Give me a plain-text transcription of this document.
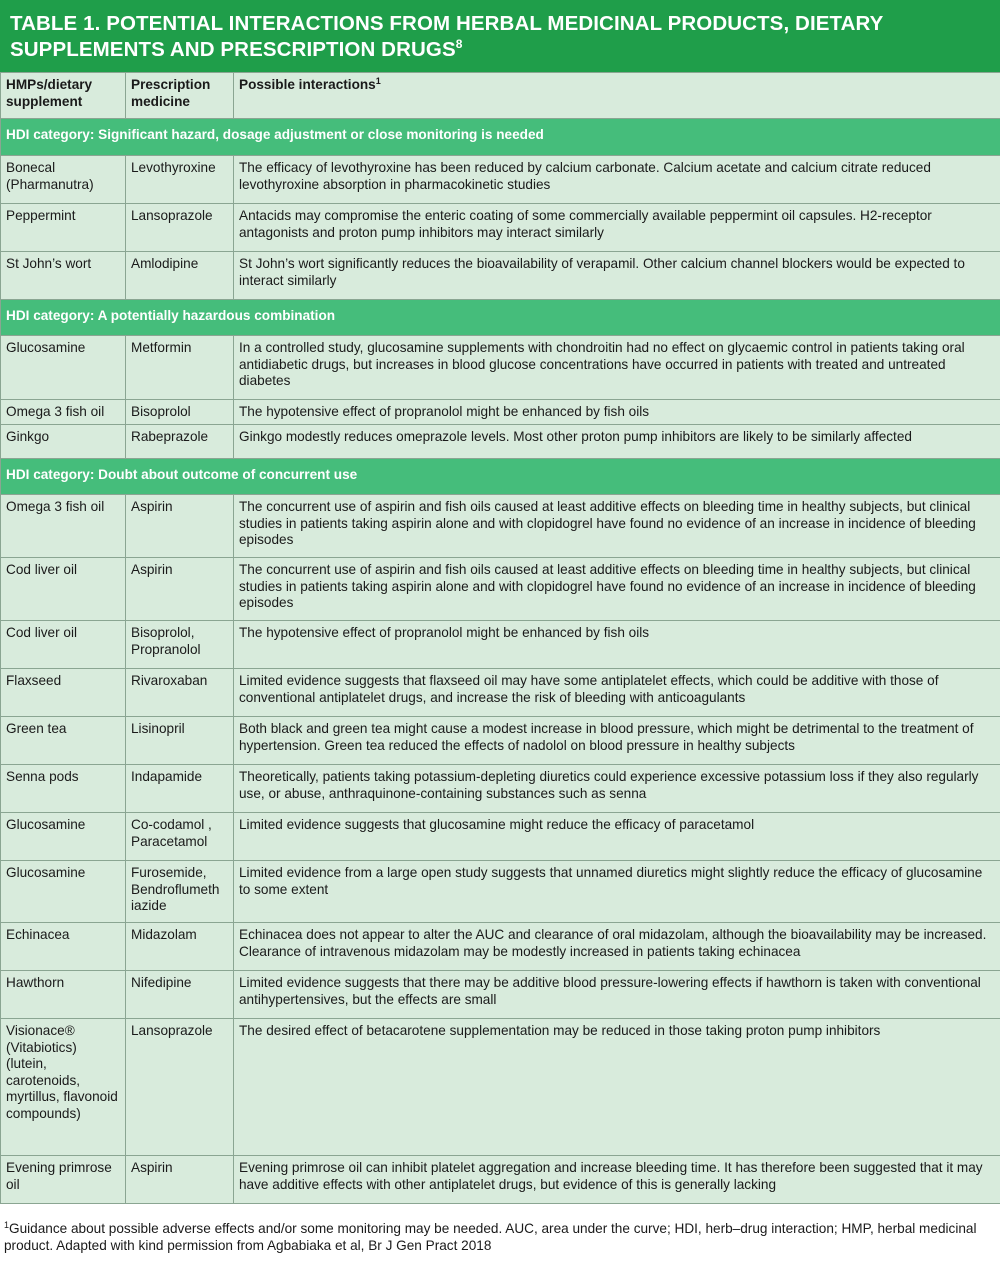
TABLE 1. POTENTIAL INTERACTIONS FROM HERBAL MEDICINAL PRODUCTS, DIETARY SUPPLEMENTS AND PRESCRIPTION DRUGS$^8$
HMPs/dietary supplement	Prescription medicine	Possible interactions$^1$
HDI category: Significant hazard, dosage adjustment or close monitoring is needed		
Bonecal (Pharmanutra)	Levothyroxine	The efficacy of levothyroxine has been reduced by calcium carbonate. Calcium acetate and calcium citrate reduced levothyroxine absorption in pharmacokinetic studies
Peppermint	Lansoprazole	Antacids may compromise the enteric coating of some commercially available peppermint oil capsules. H2-receptor antagonists and proton pump inhibitors may interact similarly
St John’s wort	Amlodipine	St John’s wort significantly reduces the bioavailability of verapamil. Other calcium channel blockers would be expected to interact similarly
HDI category: A potentially hazardous combination		
Glucosamine	Metformin	In a controlled study, glucosamine supplements with chondroitin had no effect on glycaemic control in patients taking oral antidiabetic drugs, but increases in blood glucose concentrations have occurred in patients with treated and untreated diabetes
Omega 3 fish oil	Bisoprolol	The hypotensive effect of propranolol might be enhanced by fish oils
Ginkgo	Rabeprazole	Ginkgo modestly reduces omeprazole levels. Most other proton pump inhibitors are likely to be similarly affected
HDI category: Doubt about outcome of concurrent use		
Omega 3 fish oil	Aspirin	The concurrent use of aspirin and fish oils caused at least additive effects on bleeding time in healthy subjects, but clinical studies in patients taking aspirin alone and with clopidogrel have found no evidence of an increase in incidence of bleeding episodes
Cod liver oil	Aspirin	The concurrent use of aspirin and fish oils caused at least additive effects on bleeding time in healthy subjects, but clinical studies in patients taking aspirin alone and with clopidogrel have found no evidence of an increase in incidence of bleeding episodes
Cod liver oil	Bisoprolol, Propranolol	The hypotensive effect of propranolol might be enhanced by fish oils
Flaxseed	Rivaroxaban	Limited evidence suggests that flaxseed oil may have some antiplatelet effects, which could be additive with those of conventional antiplatelet drugs, and increase the risk of bleeding with anticoagulants
Green tea	Lisinopril	Both black and green tea might cause a modest increase in blood pressure, which might be detrimental to the treatment of hypertension. Green tea reduced the effects of nadolol on blood pressure in healthy subjects
Senna pods	Indapamide	Theoretically, patients taking potassium-depleting diuretics could experience excessive potassium loss if they also regularly use, or abuse, anthraquinone-containing substances such as senna
Glucosamine	Co-codamol , Paracetamol	Limited evidence suggests that glucosamine might reduce the efficacy of paracetamol
Glucosamine	Furosemide, Bendroflumeth iazide	Limited evidence from a large open study suggests that unnamed diuretics might slightly reduce the efficacy of glucosamine to some extent
Echinacea	Midazolam	Echinacea does not appear to alter the AUC and clearance of oral midazolam, although the bioavailability may be increased. Clearance of intravenous midazolam may be modestly increased in patients taking echinacea
Hawthorn	Nifedipine	Limited evidence suggests that there may be additive blood pressure-lowering effects if hawthorn is taken with conventional antihypertensives, but the effects are small
Visionace® (Vitabiotics) (lutein, carotenoids, myrtillus, flavonoid compounds)	Lansoprazole	The desired effect of betacarotene supplementation may be reduced in those taking proton pump inhibitors
Evening primrose oil	Aspirin	Evening primrose oil can inhibit platelet aggregation and increase bleeding time. It has therefore been suggested that it may have additive effects with other antiplatelet drugs, but evidence of this is generally lacking
$^1$Guidance about possible adverse effects and/or some monitoring may be needed. AUC, area under the curve; HDI, herb–drug interaction; HMP, herbal medicinal product. Adapted with kind permission from Agbabiaka et al, Br J Gen Pract 2018
